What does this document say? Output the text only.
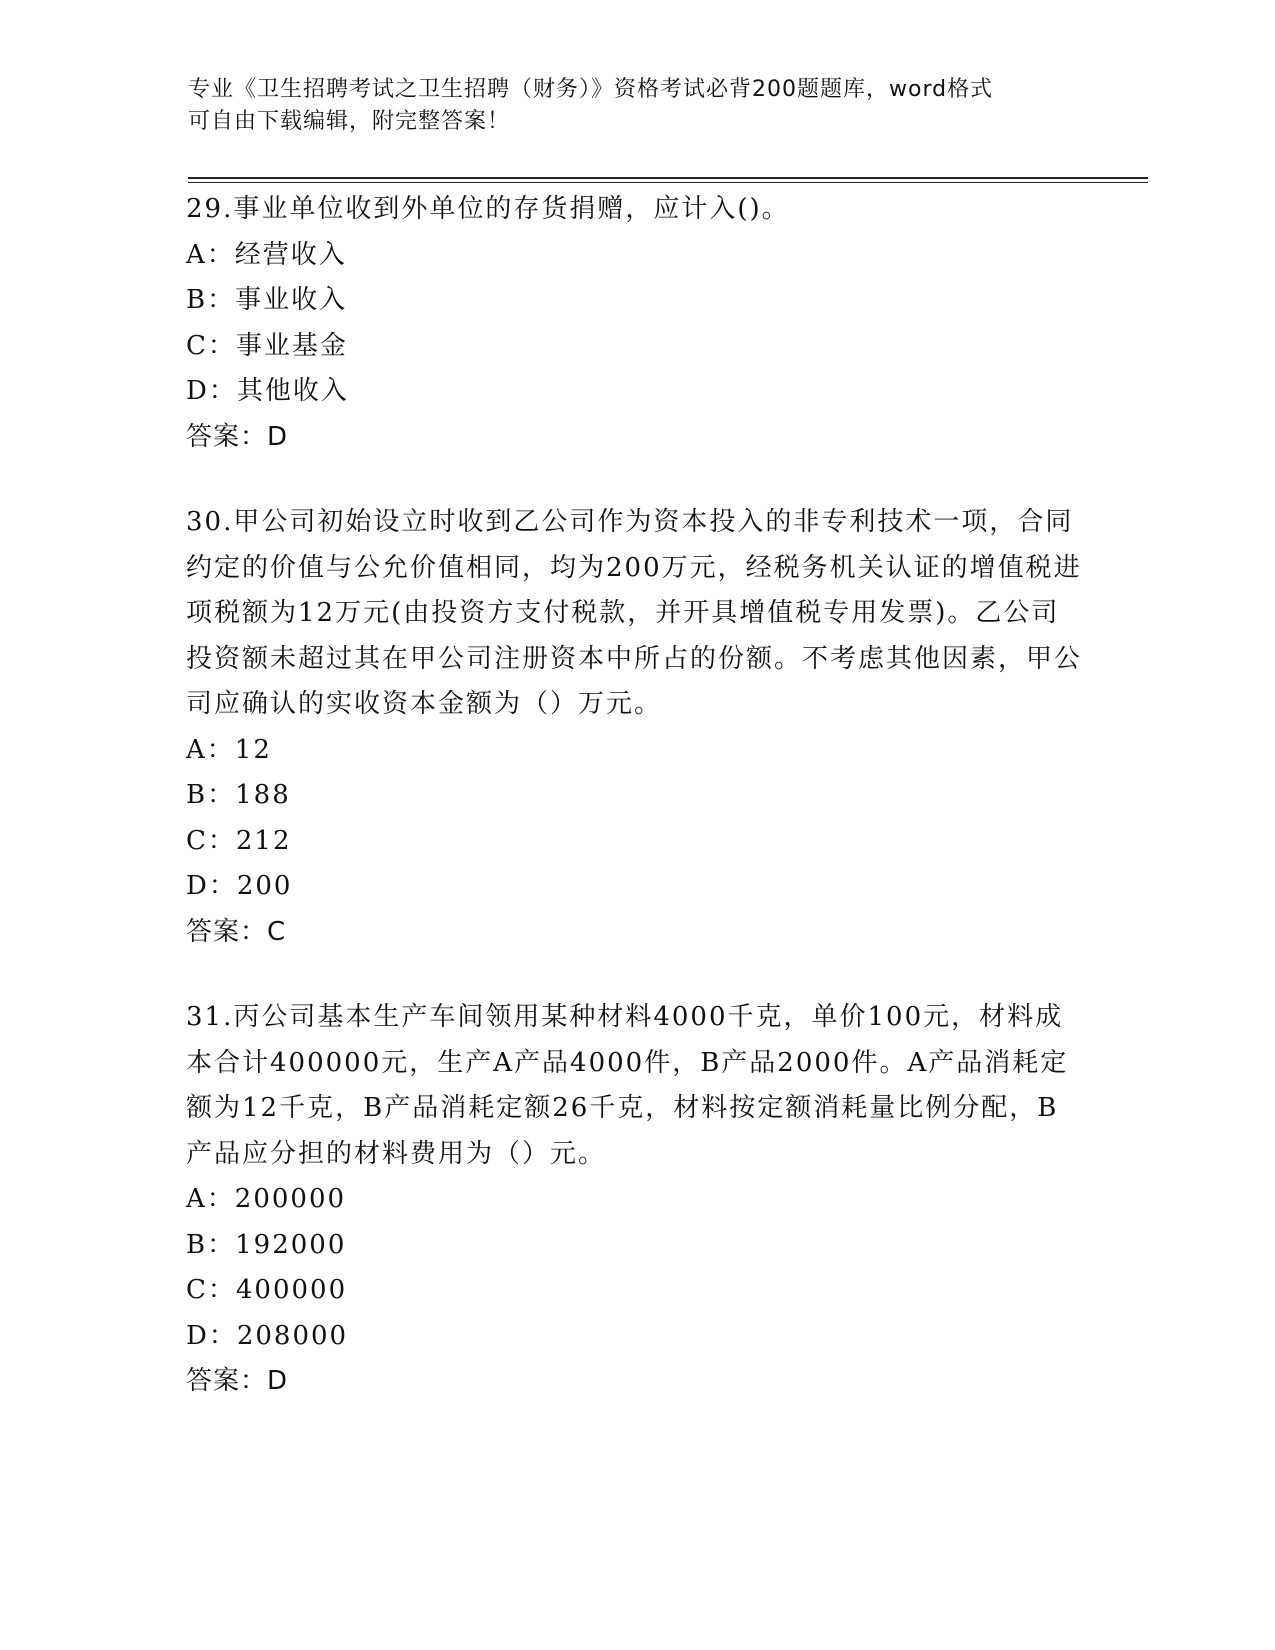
专业《卫生招聘考试之卫生招聘（财务）》资格考试必背200题题库，word格式
可自由下载编辑，附完整答案！

29.事业单位收到外单位的存货捐赠，应计入()。

A：经营收入

B：事业收入

C：事业基金

D：其他收入

答案：D

30.甲公司初始设立时收到乙公司作为资本投入的非专利技术一项，合同约定的价值与公允价值相同，均为200万元，经税务机关认证的增值税进项税额为12万元(由投资方支付税款，并开具增值税专用发票)。乙公司投资额未超过其在甲公司注册资本中所占的份额。不考虑其他因素，甲公司应确认的实收资本金额为（）万元。

A：12

B：188

C：212

D：200

答案：C

31.丙公司基本生产车间领用某种材料4000千克，单价100元，材料成本合计400000元，生产A产品4000件，B产品2000件。A产品消耗定额为12千克，B产品消耗定额26千克，材料按定额消耗量比例分配，B产品应分担的材料费用为（）元。

A：200000

B：192000

C：400000

D：208000

答案：D
